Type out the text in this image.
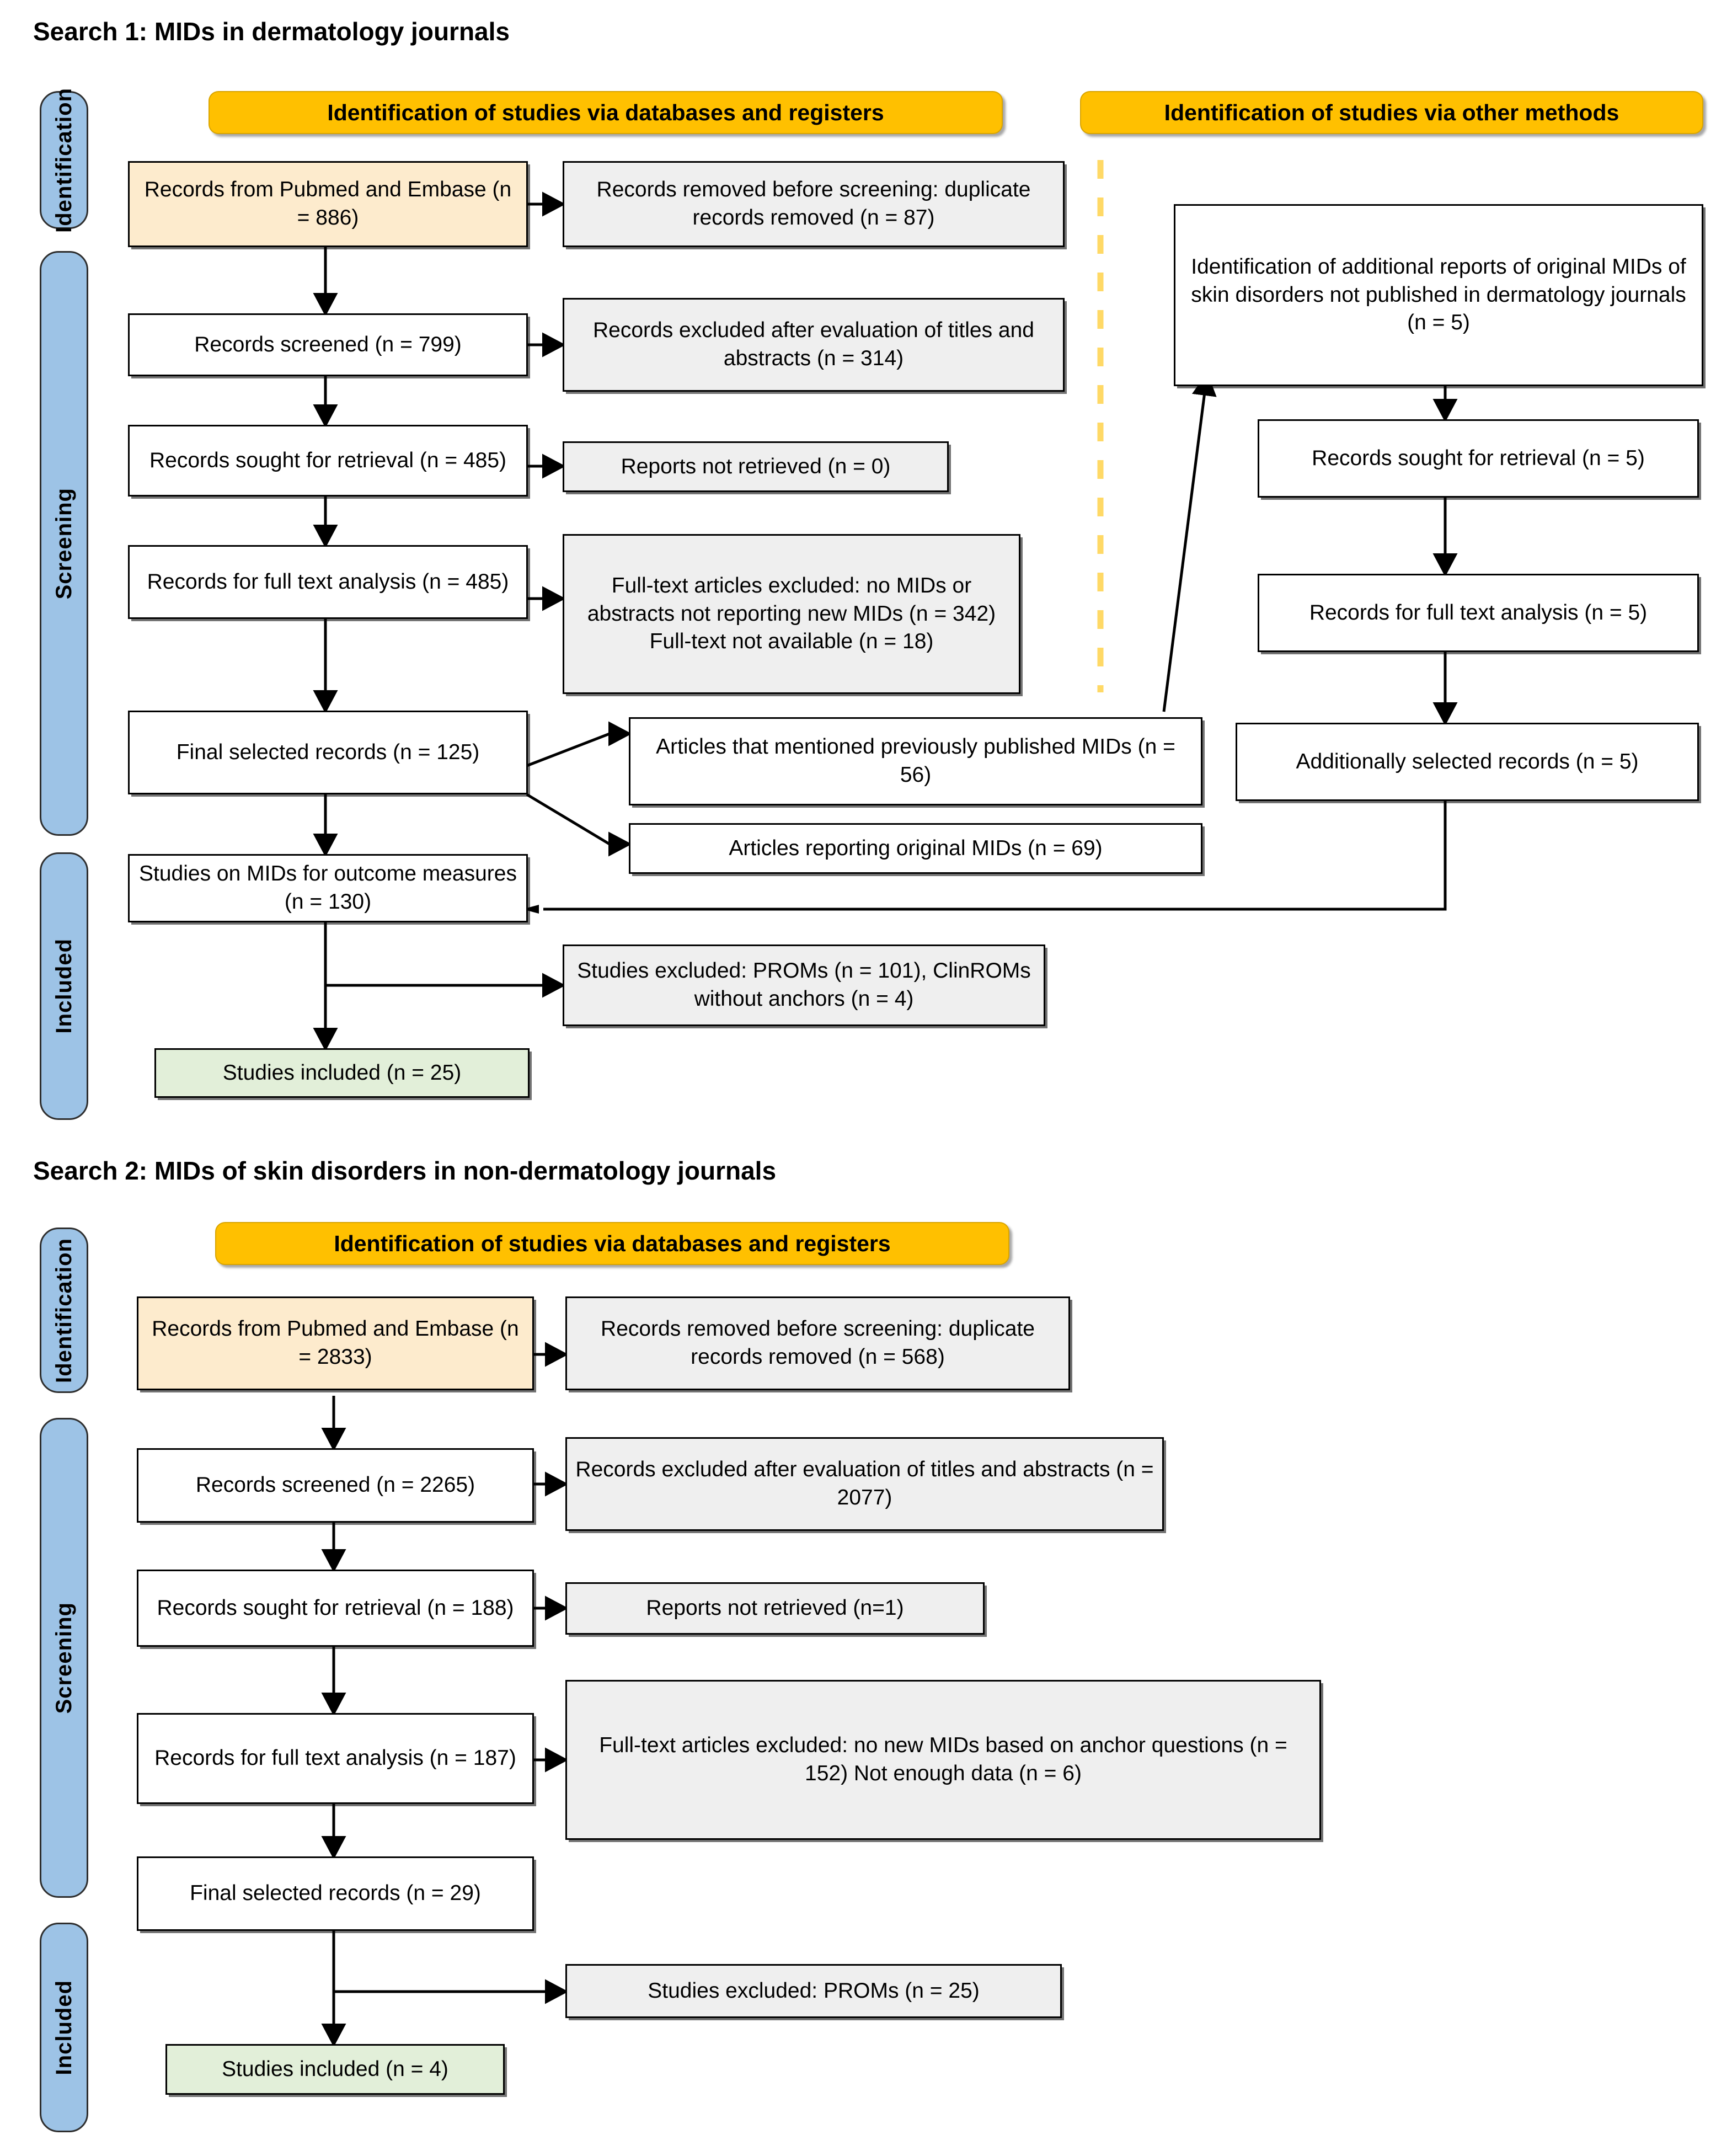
Search 1: MIDs in dermatology journals
Identification
Screening
Included
Identification of studies via databases and registers	Identification of studies via other methods
Records from Pubmed and Embase (n = 886)
Records removed before screening: duplicate records removed (n = 87)
Records screened (n = 799)
Records excluded after evaluation of titles and abstracts (n = 314)
Records sought for retrieval (n = 485)	Reports not retrieved (n = 0)
Records for full text analysis (n = 485)	Full-text articles excluded: no MIDs or abstracts not reporting new MIDs (n = 342) Full-text not available (n = 18)
Final selected records (n = 125)	Articles that mentioned previously published MIDs (n = 56)
Articles reporting original MIDs (n = 69)
Studies on MIDs for outcome measures (n = 130)
Studies excluded: PROMs (n = 101), ClinROMs without anchors (n = 4)
Studies included (n = 25)
Identification of additional reports of original MIDs of skin disorders not published in dermatology journals (n = 5)
Records sought for retrieval (n = 5)
Records for full text analysis (n = 5)
Additionally selected records (n = 5)
Search 2: MIDs of skin disorders in non-dermatology journals
Identification
Screening
Included
Identification of studies via databases and registers
Records from Pubmed and Embase (n = 2833)
Records removed before screening: duplicate records removed (n = 568)
Records screened (n = 2265)
Records excluded after evaluation of titles and abstracts (n = 2077)
Records sought for retrieval (n = 188)	Reports not retrieved (n=1)
Records for full text analysis (n = 187)
Full-text articles excluded: no new MIDs based on anchor questions (n = 152) Not enough data (n = 6)
Final selected records (n = 29)
Studies excluded: PROMs (n = 25)
Studies included (n = 4)
